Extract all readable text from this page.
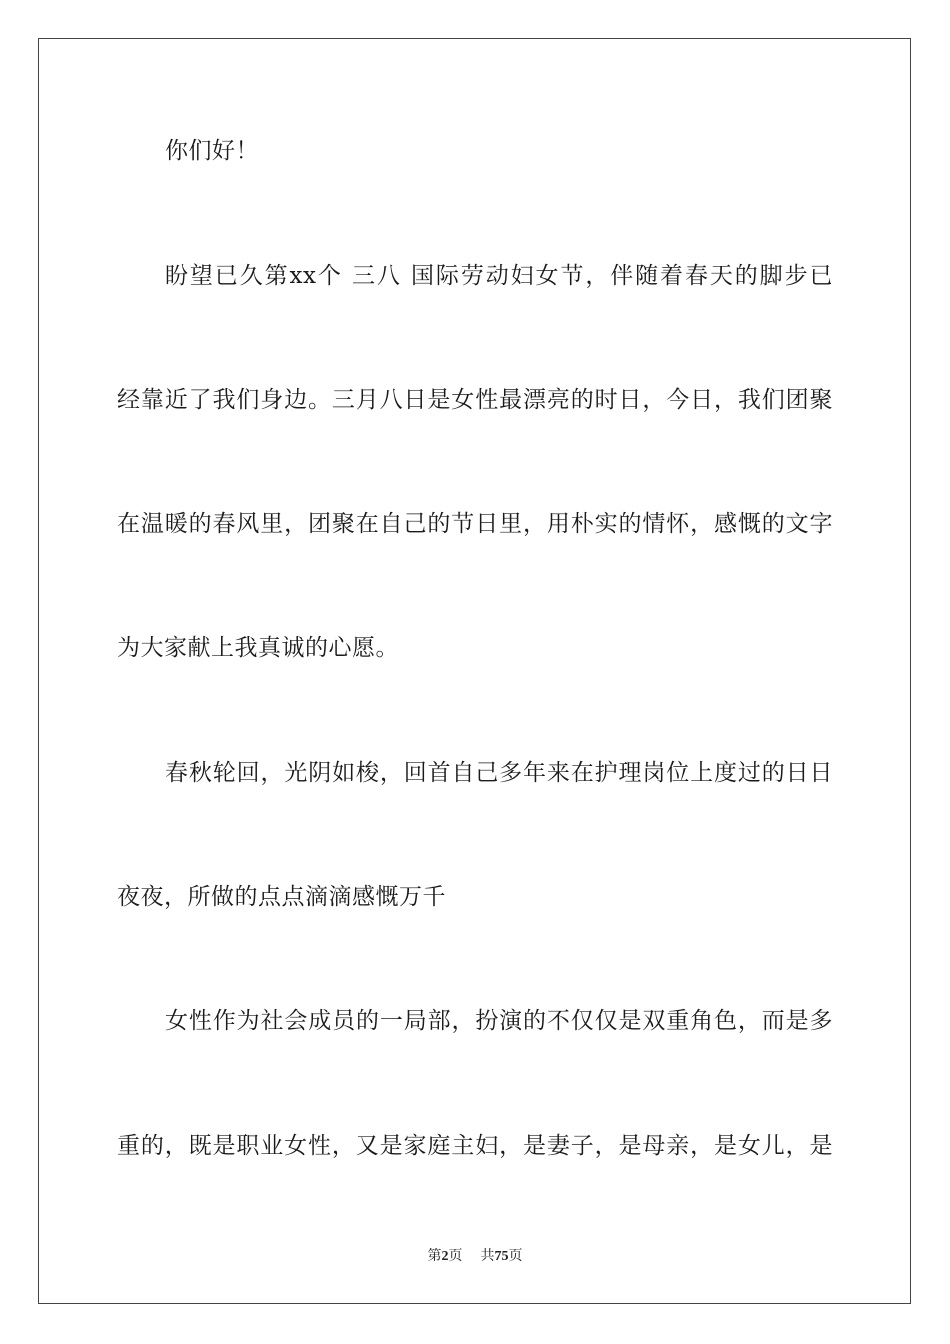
你们好！
盼望已久第xx个 三八 国际劳动妇女节，伴随着春天的脚步已
经靠近了我们身边。三月八日是女性最漂亮的时日，今日，我们团聚
在温暖的春风里，团聚在自己的节日里，用朴实的情怀，感慨的文字
为大家献上我真诚的心愿。
春秋轮回，光阴如梭，回首自己多年来在护理岗位上度过的日日
夜夜，所做的点点滴滴感慨万千
女性作为社会成员的一局部，扮演的不仅仅是双重角色，而是多
重的，既是职业女性，又是家庭主妇，是妻子，是母亲，是女儿，是
第2页 共75页
